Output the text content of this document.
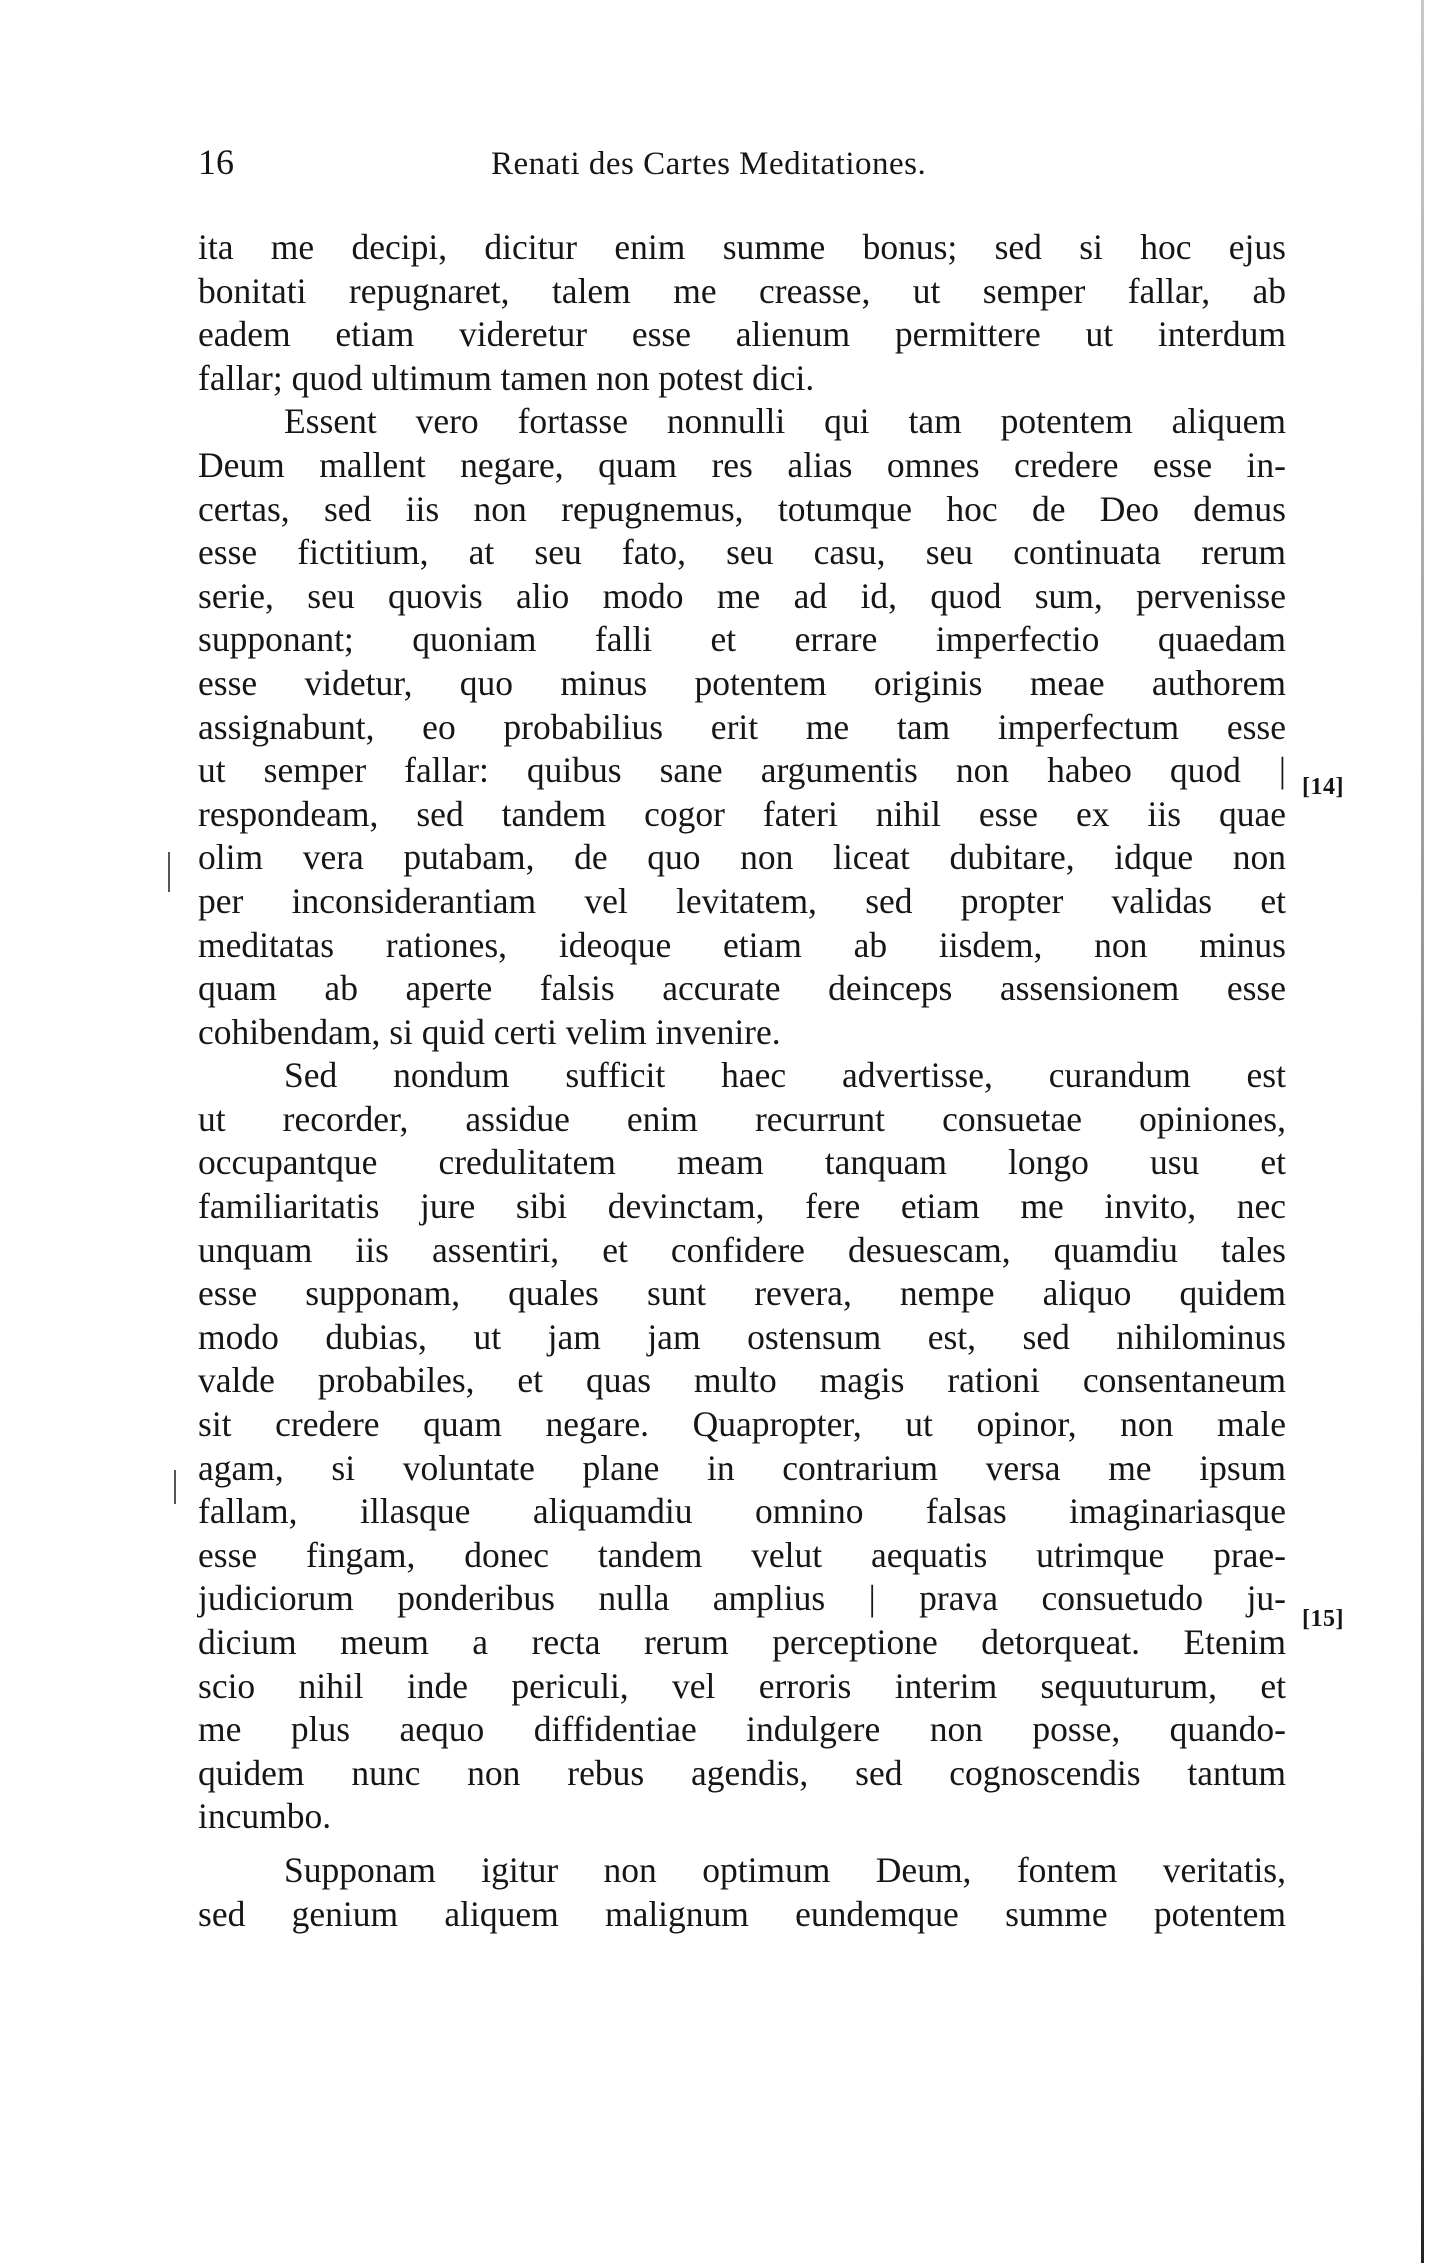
16	Renati des Cartes Meditationes.
ita me decipi, dicitur enim summe bonus; sed si hoc ejus
bonitati repugnaret, talem me creasse, ut semper fallar, ab
eadem etiam videretur esse alienum permittere ut interdum
fallar; quod ultimum tamen non potest dici.
Essent vero fortasse nonnulli qui tam potentem aliquem
Deum mallent negare, quam res alias omnes credere esse in-
certas, sed iis non repugnemus, totumque hoc de Deo demus
esse fictitium, at seu fato, seu casu, seu continuata rerum
serie, seu quovis alio modo me ad id, quod sum, pervenisse
supponant; quoniam falli et errare imperfectio quaedam
esse videtur, quo minus potentem originis meae authorem
assignabunt, eo probabilius erit me tam imperfectum esse
ut semper fallar: quibus sane argumentis non habeo quod |
respondeam, sed tandem cogor fateri nihil esse ex iis quae
olim vera putabam, de quo non liceat dubitare, idque non
per inconsiderantiam vel levitatem, sed propter validas et
meditatas rationes, ideoque etiam ab iisdem, non minus
quam ab aperte falsis accurate deinceps assensionem esse
cohibendam, si quid certi velim invenire.
Sed nondum sufficit haec advertisse, curandum est
ut recorder, assidue enim recurrunt consuetae opiniones,
occupantque credulitatem meam tanquam longo usu et
familiaritatis jure sibi devinctam, fere etiam me invito, nec
unquam iis assentiri, et confidere desuescam, quamdiu tales
esse supponam, quales sunt revera, nempe aliquo quidem
modo dubias, ut jam jam ostensum est, sed nihilominus
valde probabiles, et quas multo magis rationi consentaneum
sit credere quam negare. Quapropter, ut opinor, non male
agam, si voluntate plane in contrarium versa me ipsum
fallam, illasque aliquamdiu omnino falsas imaginariasque
esse fingam, donec tandem velut aequatis utrimque prae-
judiciorum ponderibus nulla amplius | prava consuetudo ju-
dicium meum a recta rerum perceptione detorqueat. Etenim
scio nihil inde periculi, vel erroris interim sequuturum, et
me plus aequo diffidentiae indulgere non posse, quando-
quidem nunc non rebus agendis, sed cognoscendis tantum
incumbo.
Supponam igitur non optimum Deum, fontem veritatis,
sed genium aliquem malignum eundemque summe potentem
[14]
[15]
